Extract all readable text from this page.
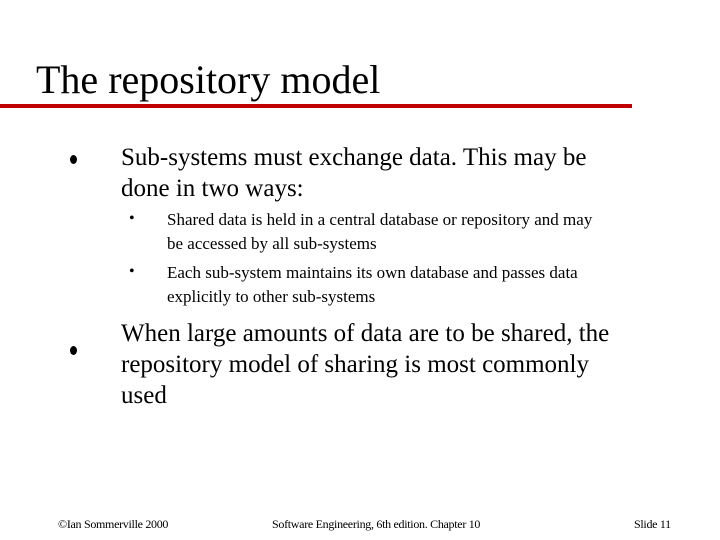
The repository model

Sub-systems must exchange data. This may be

done in two ways:

• Shared data is held in a central database or repository and may

be accessed by all sub-systems

• Each sub-system maintains its own database and passes data

explicitly to other sub-systems

When large amounts of data are to be shared, the

repository model of sharing is most commonly

used

©Ian Sommerville 2000	Software Engineering, 6th edition. Chapter 10	Slide 11
